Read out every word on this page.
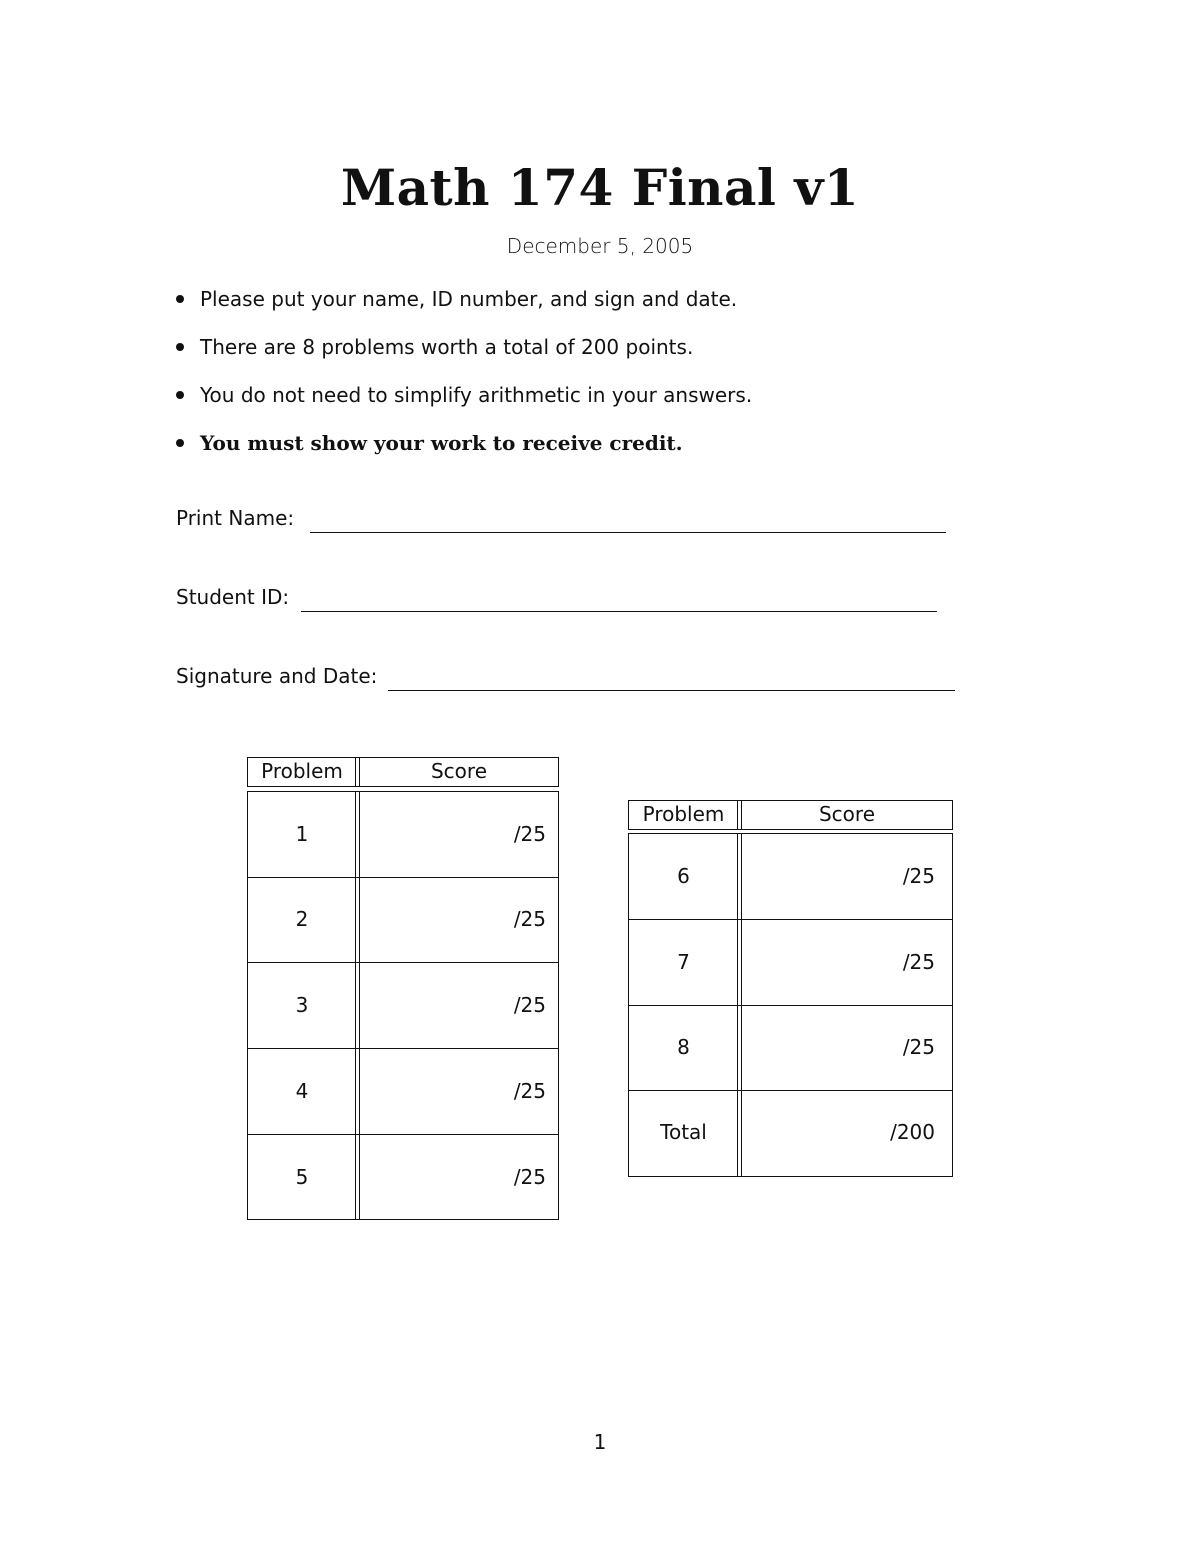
Math 174 Final v1
December 5, 2005
Please put your name, ID number, and sign and date.
There are 8 problems worth a total of 200 points.
You do not need to simplify arithmetic in your answers.
You must show your work to receive credit.
Print Name:
Student ID:
Signature and Date:
Problem	Score
1	/25
2	/25
3	/25
4	/25
5	/25
Problem	Score
6	/25
7	/25
8	/25
Total	/200
1
